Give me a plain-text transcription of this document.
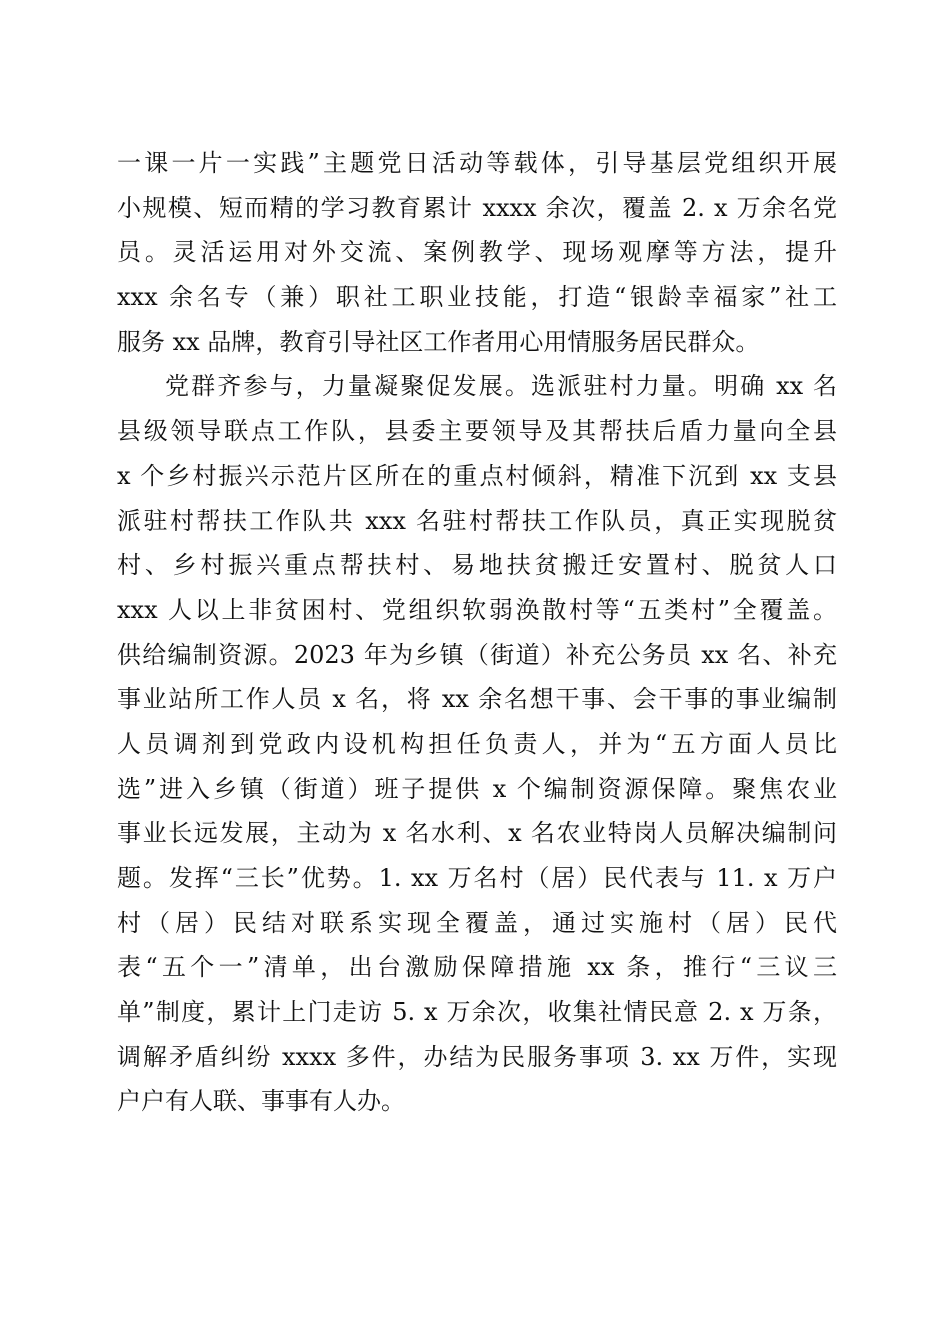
一课一片一实践”主题党日活动等载体，引导基层党组织开展
小规模、短而精的学习教育累计 xxxx 余次，覆盖 2. x 万余名党
员。灵活运用对外交流、案例教学、现场观摩等方法，提升
xxx 余名专（兼）职社工职业技能，打造“银龄幸福家”社工
服务 xx 品牌，教育引导社区工作者用心用情服务居民群众。
党群齐参与，力量凝聚促发展。选派驻村力量。明确 xx 名
县级领导联点工作队，县委主要领导及其帮扶后盾力量向全县
x 个乡村振兴示范片区所在的重点村倾斜，精准下沉到 xx 支县
派驻村帮扶工作队共 xxx 名驻村帮扶工作队员，真正实现脱贫
村、乡村振兴重点帮扶村、易地扶贫搬迁安置村、脱贫人口
xxx 人以上非贫困村、党组织软弱涣散村等“五类村”全覆盖。
供给编制资源。2023 年为乡镇（街道）补充公务员 xx 名、补充
事业站所工作人员 x 名，将 xx 余名想干事、会干事的事业编制
人员调剂到党政内设机构担任负责人，并为“五方面人员比
选”进入乡镇（街道）班子提供 x 个编制资源保障。聚焦农业
事业长远发展，主动为 x 名水利、x 名农业特岗人员解决编制问
题。发挥“三长”优势。1. xx 万名村（居）民代表与 11. x 万户
村（居）民结对联系实现全覆盖，通过实施村（居）民代
表“五个一”清单，出台激励保障措施 xx 条，推行“三议三
单”制度，累计上门走访 5. x 万余次，收集社情民意 2. x 万条，
调解矛盾纠纷 xxxx 多件，办结为民服务事项 3. xx 万件，实现
户户有人联、事事有人办。
